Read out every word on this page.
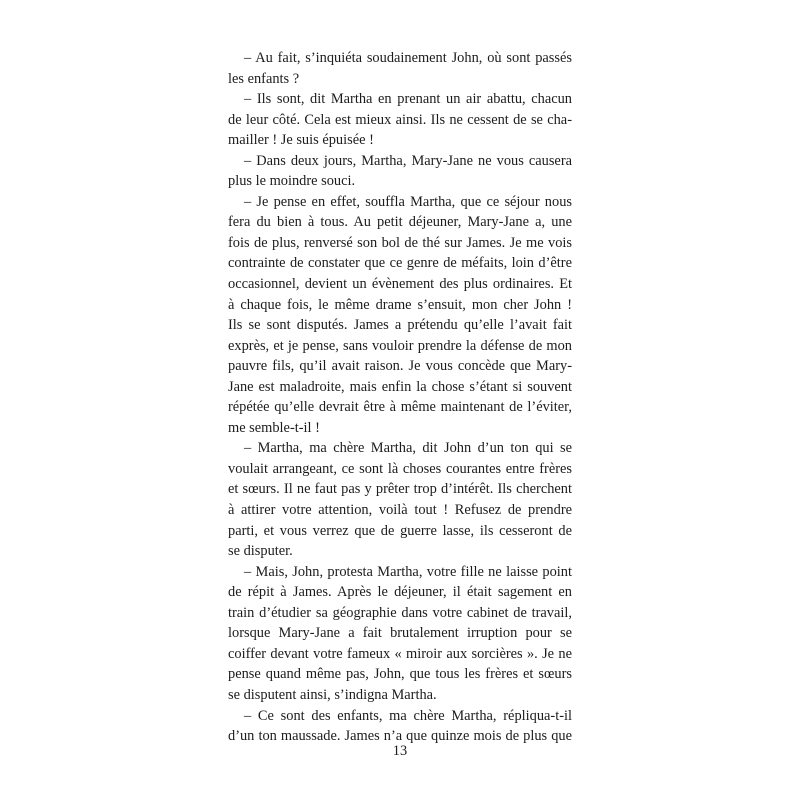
– Au fait, s’inquiéta soudainement John, où sont passés
les enfants ?
– Ils sont, dit Martha en prenant un air abattu, chacun
de leur côté. Cela est mieux ainsi. Ils ne cessent de se cha-
mailler ! Je suis épuisée !
– Dans deux jours, Martha, Mary-Jane ne vous causera
plus le moindre souci.
– Je pense en effet, souffla Martha, que ce séjour nous
fera du bien à tous. Au petit déjeuner, Mary-Jane a, une
fois de plus, renversé son bol de thé sur James. Je me vois
contrainte de constater que ce genre de méfaits, loin d’être
occasionnel, devient un évènement des plus ordinaires. Et
à chaque fois, le même drame s’ensuit, mon cher John !
Ils se sont disputés. James a prétendu qu’elle l’avait fait
exprès, et je pense, sans vouloir prendre la défense de mon
pauvre fils, qu’il avait raison. Je vous concède que Mary-
Jane est maladroite, mais enfin la chose s’étant si souvent
répétée qu’elle devrait être à même maintenant de l’éviter,
me semble-t-il !
– Martha, ma chère Martha, dit John d’un ton qui se
voulait arrangeant, ce sont là choses courantes entre frères
et sœurs. Il ne faut pas y prêter trop d’intérêt. Ils cherchent
à attirer votre attention, voilà tout ! Refusez de prendre
parti, et vous verrez que de guerre lasse, ils cesseront de
se disputer.
– Mais, John, protesta Martha, votre fille ne laisse point
de répit à James. Après le déjeuner, il était sagement en
train d’étudier sa géographie dans votre cabinet de travail,
lorsque Mary-Jane a fait brutalement irruption pour se
coiffer devant votre fameux « miroir aux sorcières ». Je ne
pense quand même pas, John, que tous les frères et sœurs
se disputent ainsi, s’indigna Martha.
– Ce sont des enfants, ma chère Martha, répliqua-t-il
d’un ton maussade. James n’a que quinze mois de plus que
13
